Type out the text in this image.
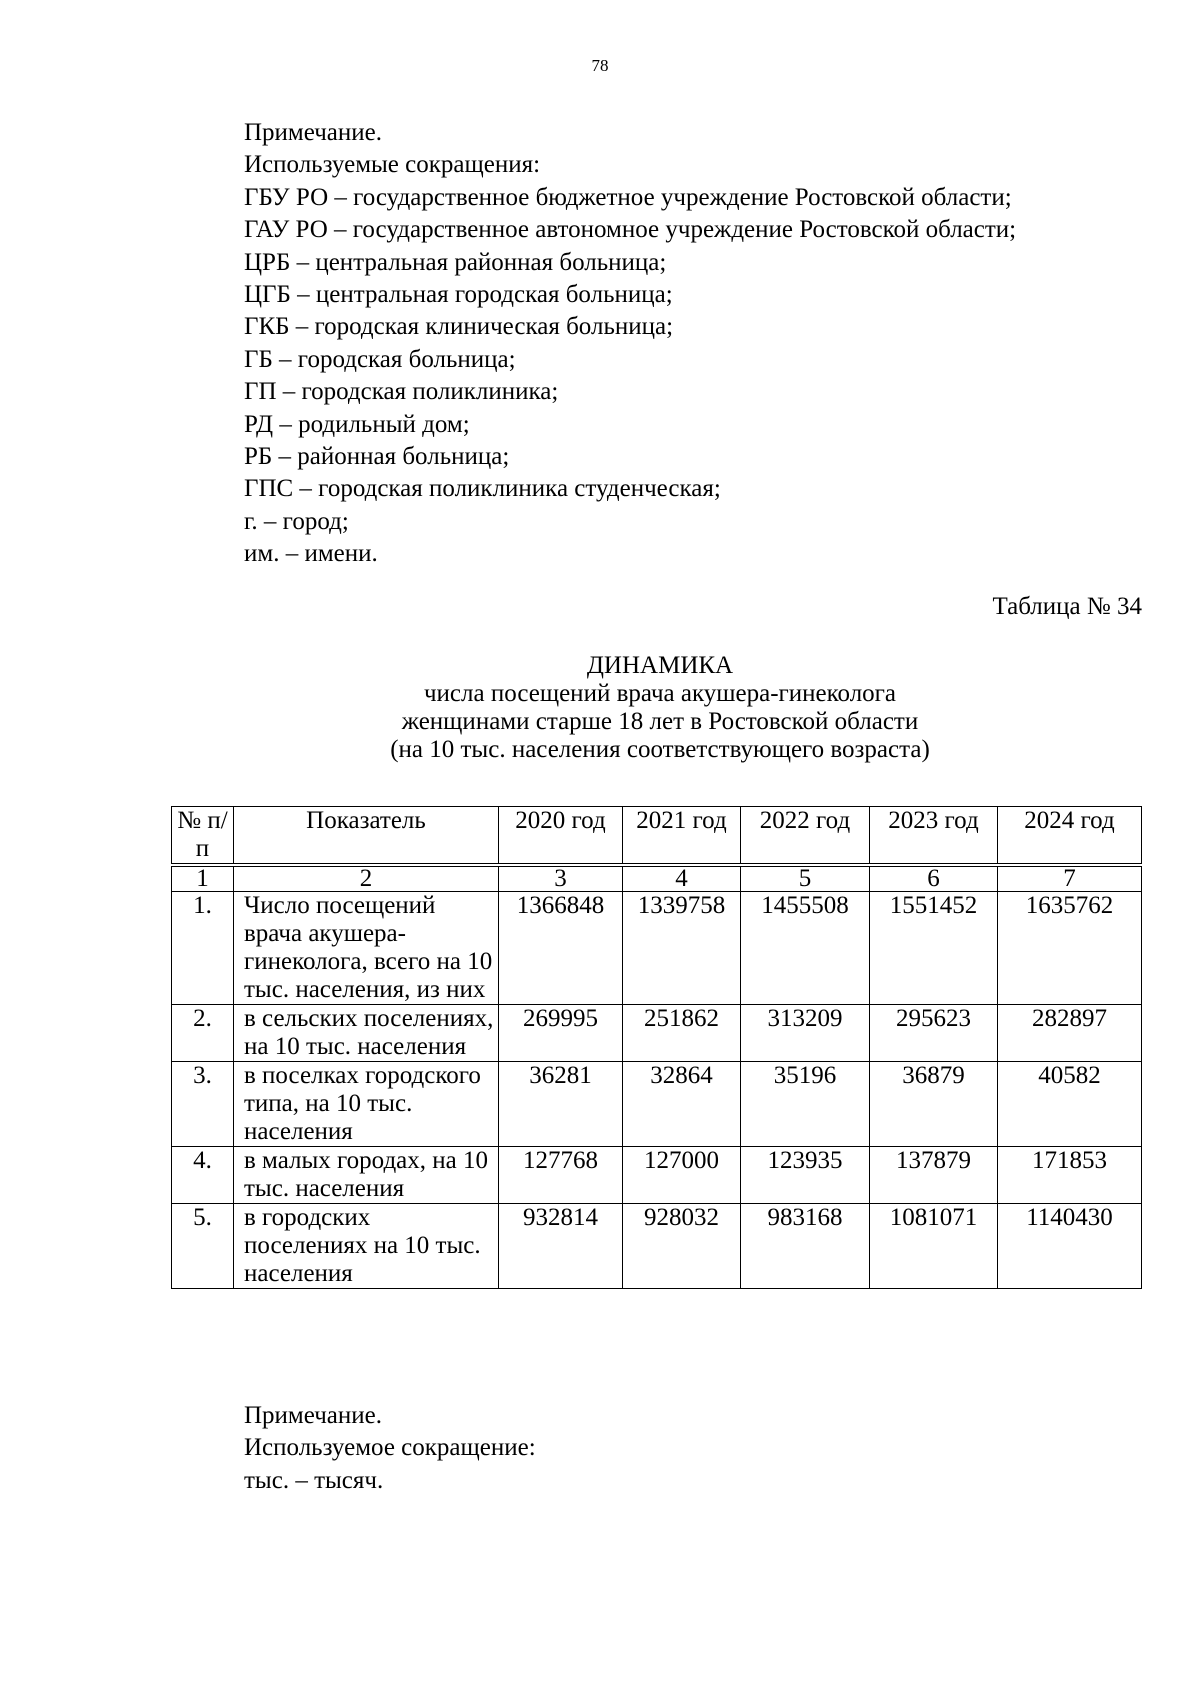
78
Примечание.
Используемые сокращения:
ГБУ РО – государственное бюджетное учреждение Ростовской области;
ГАУ РО – государственное автономное учреждение Ростовской области;
ЦРБ – центральная районная больница;
ЦГБ – центральная городская больница;
ГКБ – городская клиническая больница;
ГБ – городская больница;
ГП – городская поликлиника;
РД – родильный дом;
РБ – районная больница;
ГПС – городская поликлиника студенческая;
г. – город;
им. – имени.
Таблица № 34
ДИНАМИКА
числа посещений врача акушера-гинеколога
женщинами старше 18 лет в Ростовской области
(на 10 тыс. населения соответствующего возраста)
№ п/п	Показатель	2020 год	2021 год	2022 год	2023 год	2024 год
1	2	3	4	5	6	7
1.	Число посещений врача акушера-гинеколога, всего на 10 тыс. населения, из них	1366848	1339758	1455508	1551452	1635762
2.	в сельских поселениях, на 10 тыс. населения	269995	251862	313209	295623	282897
3.	в поселках городского типа, на 10 тыс. населения	36281	32864	35196	36879	40582
4.	в малых городах, на 10 тыс. населения	127768	127000	123935	137879	171853
5.	в городских поселениях на 10 тыс. населения	932814	928032	983168	1081071	1140430
Примечание.
Используемое сокращение:
тыс. – тысяч.
